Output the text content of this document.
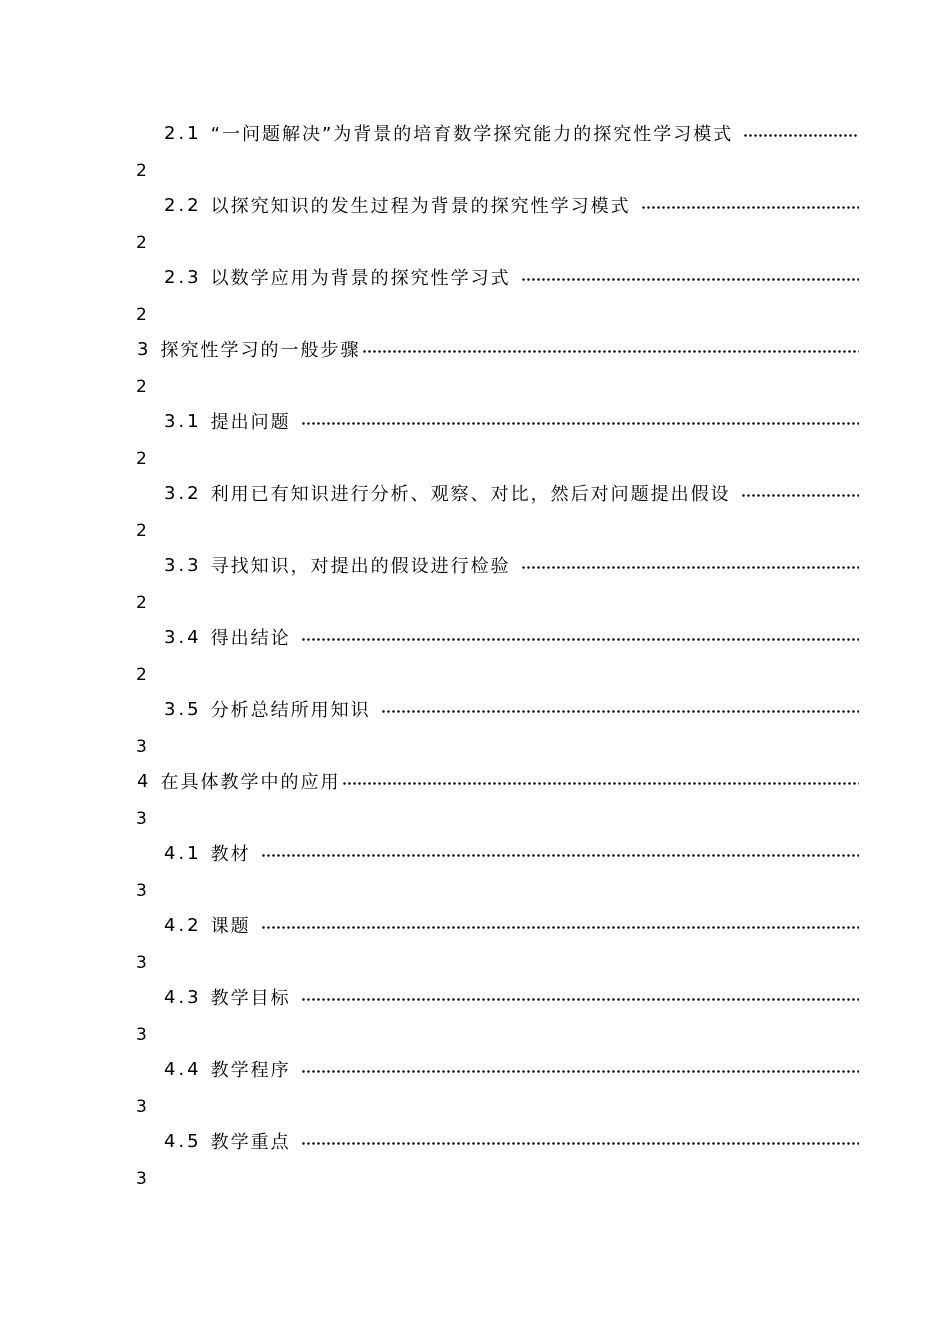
2.1 “一问题解决”为背景的培育数学探究能力的探究性学习模式
2
2.2 以探究知识的发生过程为背景的探究性学习模式
2
2.3 以数学应用为背景的探究性学习式
2
3 探究性学习的一般步骤
2
3.1 提出问题
2
3.2 利用已有知识进行分析、观察、对比，然后对问题提出假设
2
3.3 寻找知识，对提出的假设进行检验
2
3.4 得出结论
2
3.5 分析总结所用知识
3
4 在具体教学中的应用
3
4.1 教材
3
4.2 课题
3
4.3 教学目标
3
4.4 教学程序
3
4.5 教学重点
3
